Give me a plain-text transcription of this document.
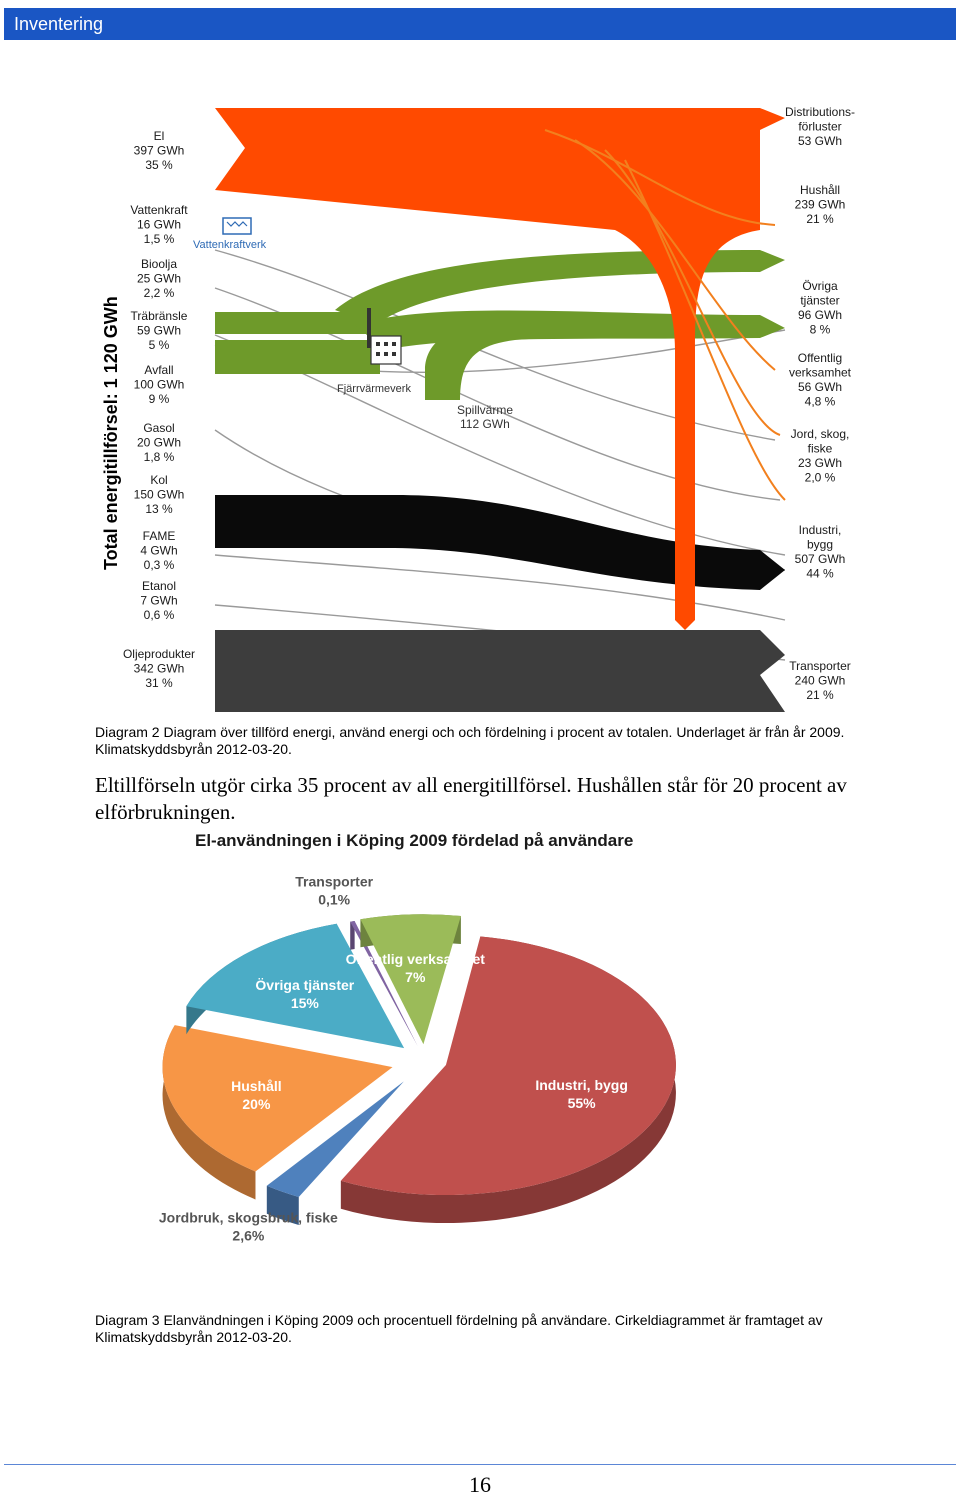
Inventering
Total energitillförsel: 1 120 GWh
El 397 GWh 35 %
Vattenkraft 16 GWh 1,5 %
Bioolja 25 GWh 2,2 %
Träbränsle 59 GWh 5 %
Avfall 100 GWh 9 %
Gasol 20 GWh 1,8 %
Kol 150 GWh 13 %
FAME 4 GWh 0,3 %
Etanol 7 GWh 0,6 %
Oljeprodukter 342 GWh 31 %
Distributions-förluster 53 GWh
Hushåll 239 GWh 21 %
Övriga tjänster 96 GWh 8 %
Offentlig verksamhet 56 GWh 4,8 %
Jord, skog, fiske 23 GWh 2,0 %
Industri, bygg 507 GWh 44 %
Transporter 240 GWh 21 %
Vattenkraftverk
Fjärrvärmeverk
Spillvärme 112 GWh
Diagram 2 Diagram över tillförd energi, använd energi och och fördelning i procent av totalen. Underlaget är från år 2009. Klimatskyddsbyrån 2012-03-20.
Eltillförseln utgör cirka 35 procent av all energitillförsel. Hushållen står för 20 procent av elförbrukningen.
El-användningen i Köping 2009 fördelad på användare
Industri, bygg 55%
Jordbruk, skogsbruk, fiske 2,6%
Hushåll 20%
Övriga tjänster 15%
Transporter 0,1%
Offentlig verksamhet 7%
Diagram 3 Elanvändningen i Köping 2009 och procentuell fördelning på användare. Cirkeldiagrammet är framtaget av Klimatskyddsbyrån 2012-03-20.
16
